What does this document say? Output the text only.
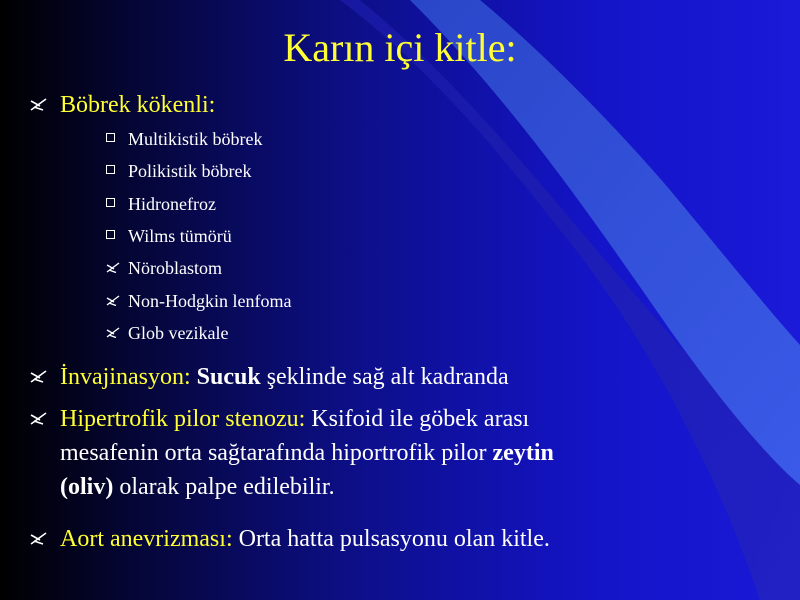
Karın içi kitle:
Böbrek kökenli:
Multikistik böbrek
Polikistik böbrek
Hidronefroz
Wilms tümörü
Nöroblastom
Non-Hodgkin lenfoma
Glob vezikale
İnvajinasyon: Sucuk şeklinde sağ alt kadranda
Hipertrofik pilor stenozu: Ksifoid ile göbek arası
mesafenin orta sağtarafında hiportrofik pilor zeytin
(oliv) olarak palpe edilebilir.
Aort anevrizması: Orta hatta pulsasyonu olan kitle.
